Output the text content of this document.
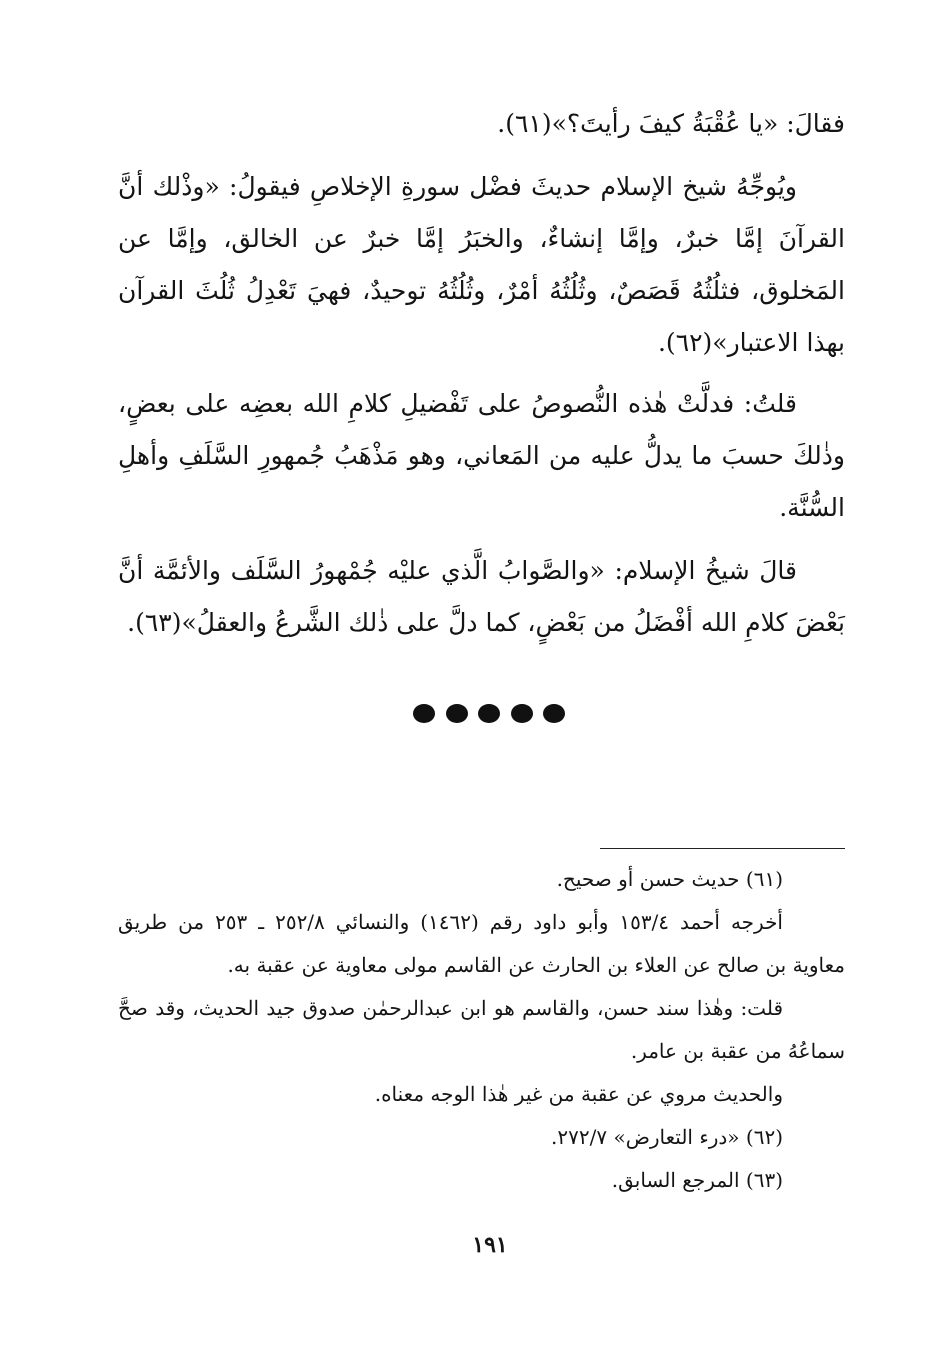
فقالَ: «يا عُقْبَةُ كيفَ رأيتَ؟»(٦١).

ويُوجِّهُ شيخ الإسلام حديثَ فضْل سورةِ الإخلاصِ فيقولُ: «وذْلك أنَّ القرآنَ إمَّا خبرٌ، وإمَّا إنشاءٌ، والخبَرُ إمَّا خبرٌ عن الخالق، وإمَّا عن المَخلوق، فثلُثُهُ قَصَصٌ، وثُلُثُهُ أمْرٌ، وثُلُثُهُ توحيدٌ، فهيَ تَعْدِلُ ثُلُثَ القرآن بهذا الاعتبار»(٦٢).

قلتُ: فدلَّتْ هٰذه النُّصوصُ على تَفْضيلِ كلامِ الله بعضِه على بعضٍ، وذٰلكَ حسبَ ما يدلُّ عليه من المَعاني، وهو مَذْهَبُ جُمهورِ السَّلَفِ وأهلِ السُّنَّة.

قالَ شيخُ الإسلام: «والصَّوابُ الَّذي عليْه جُمْهورُ السَّلَف والأئمَّة أنَّ بَعْضَ كلامِ الله أفْضَلُ من بَعْضٍ، كما دلَّ على ذٰلك الشَّرعُ والعقلُ»(٦٣).

(٦١) حديث حسن أو صحيح.

أخرجه أحمد ١٥٣/٤ وأبو داود رقم (١٤٦٢) والنسائي ٢٥٢/٨ ـ ٢٥٣ من طريق معاوية بن صالح عن العلاء بن الحارث عن القاسم مولى معاوية عن عقبة به.

قلت: وهٰذا سند حسن، والقاسم هو ابن عبدالرحمٰن صدوق جيد الحديث، وقد صحَّ سماعُهُ من عقبة بن عامر.

والحديث مروي عن عقبة من غير هٰذا الوجه معناه.

(٦٢) «درء التعارض» ٢٧٢/٧.

(٦٣) المرجع السابق.

١٩١
